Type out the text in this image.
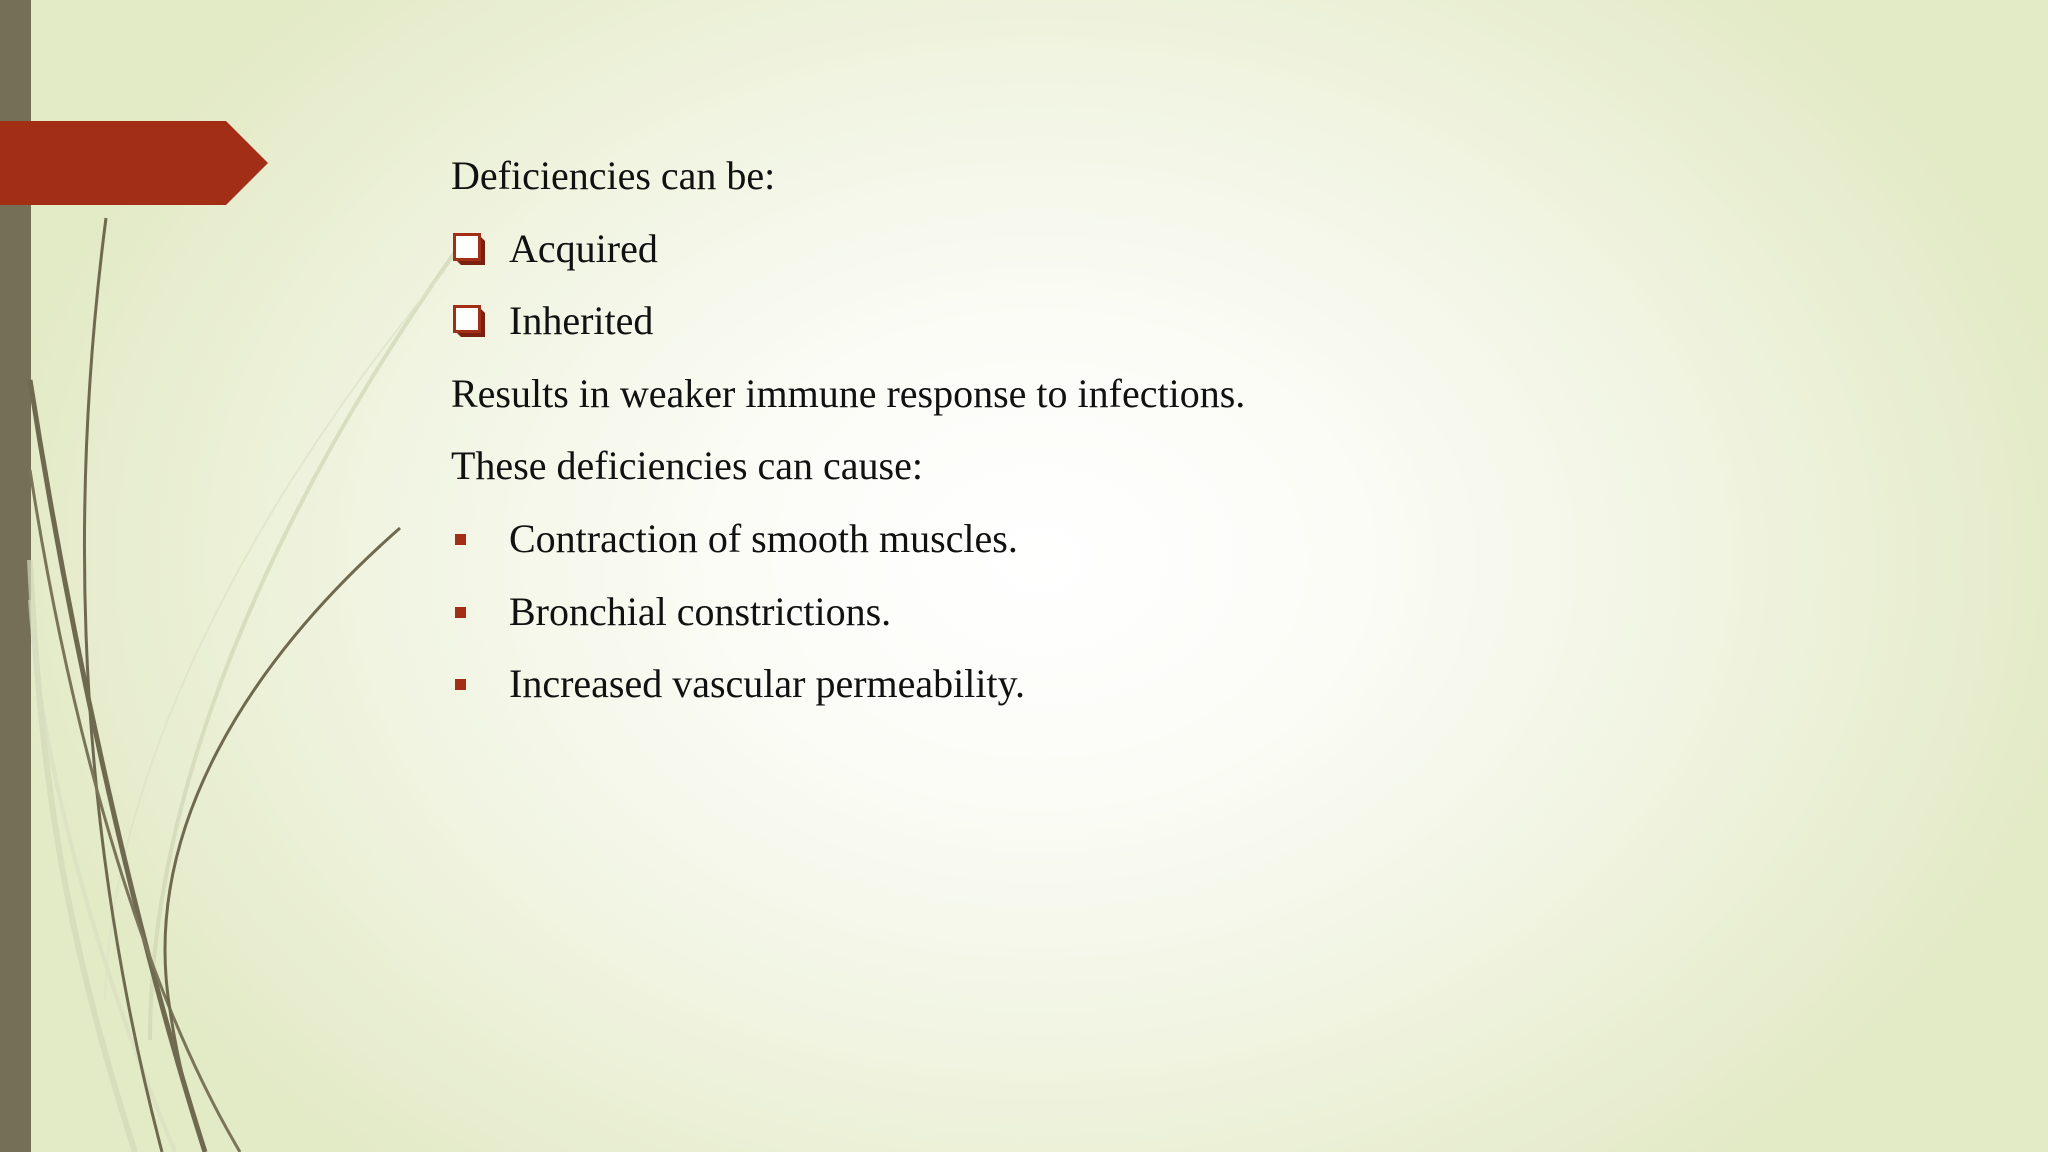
Deficiencies can be:
Acquired
Inherited
Results in weaker immune response to infections.
These deficiencies can cause:
Contraction of smooth muscles.
Bronchial constrictions.
Increased vascular permeability.
